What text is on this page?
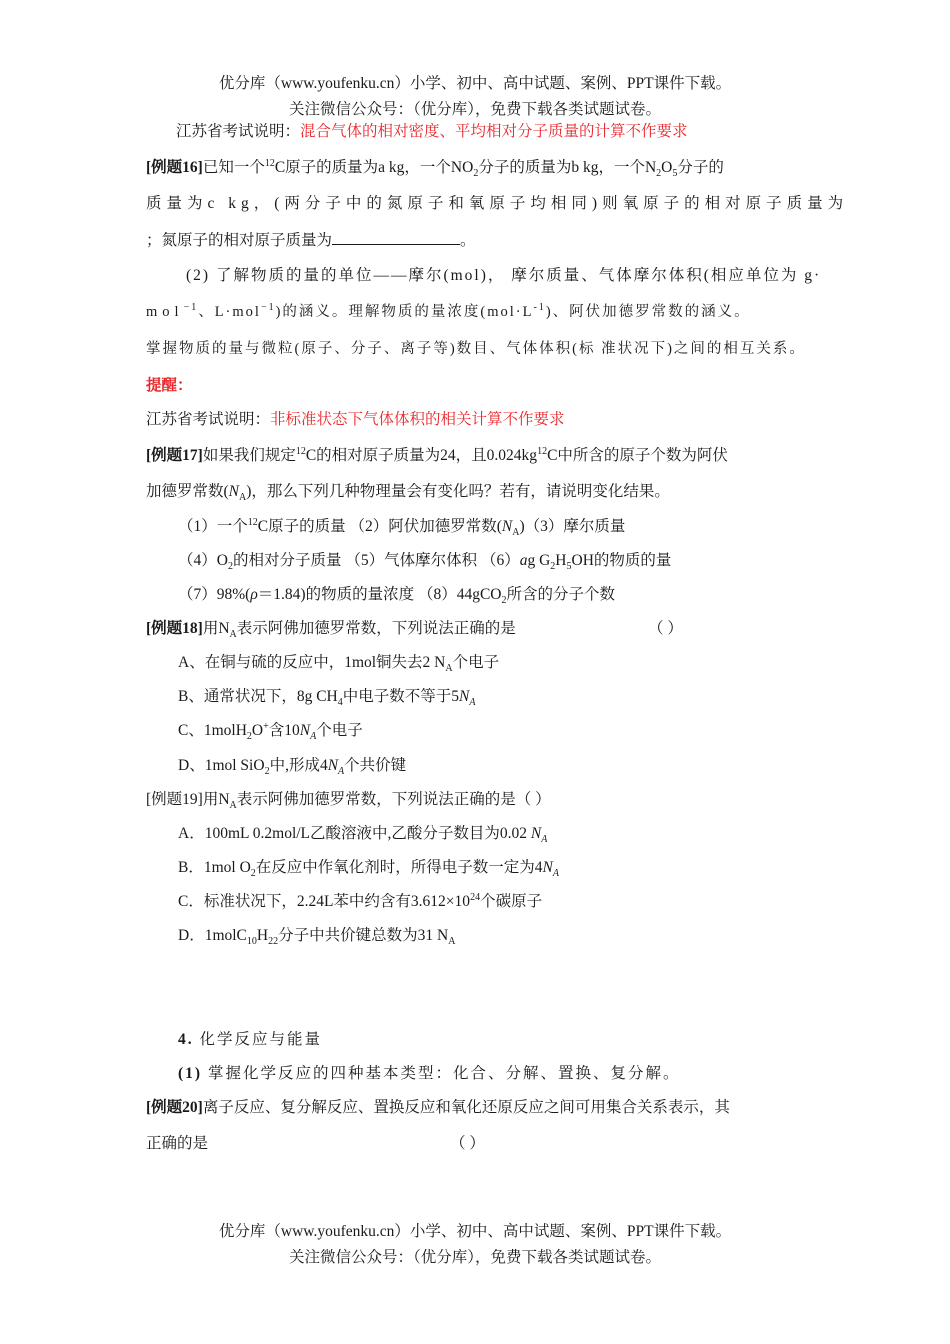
优分库（www.youfenku.cn）小学、初中、高中试题、案例、PPT课件下载。
关注微信公众号：（优分库），免费下载各类试题试卷。
江苏省考试说明：混合气体的相对密度、平均相对分子质量的计算不作要求
[例题16]已知一个$^{12}$C原子的质量为a kg，一个$NO_2$分子的质量为b kg，一个$N_2O_5$分子的
质量为c kg，(两分子中的氮原子和氧原子均相同)则氧原子的相对原子质量为
；氮原子的相对原子质量为	。
(2) 了解物质的量的单位——摩尔(mol)， 摩尔质量、气体摩尔体积(相应单位为 g·
mol$^{-1}$、L·mol$^{-1}$)的涵义。理解物质的量浓度$(mol\cdot L^{-1})$、阿伏加德罗常数的涵义。
掌握物质的量与微粒(原子、分子、离子等)数目、气体体积(标 准状况下)之间的相互关系。
提醒：
江苏省考试说明：非标准状态下气体体积的相关计算不作要求
[例题17]如果我们规定$^{12}$C的相对原子质量为24，且$0.024kg^{12}C$中所含的原子个数为阿伏
加德罗常数$(N_A)$，那么下列几种物理量会有变化吗？若有，请说明变化结果。
（1）一个$^{12}$C原子的质量 （2）阿伏加德罗常数$(N_A)(3)$摩尔质量
$(4)O_2$的相对分子质量 （5）气体摩尔体积 （6）ag $G_2H_5OH$的物质的量
（7）98%(ρ＝1.84)的物质的量浓度 （8）44gCO$_2$所含的分子个数
[例题18]用$N_A$表示阿佛加德罗常数，下列说法正确的是	（ ）
A、在铜与硫的反应中，1mol铜失去2 $N_A$个电子
B、通常状况下，8g $CH_4$中电子数不等于$5N_A$
C、1molH$_2$O+含$10N_A$个电子
D、1mol SiO$_2$中,形成$4N_A$个共价键
[例题19]用$N_A$表示阿佛加德罗常数，下列说法正确的是（ ）
A．100mL 0.2mol/L乙酸溶液中,乙酸分子数目为0.02 $N_A$
B．1mol $O_2$在反应中作氧化剂时，所得电子数一定为$4N_A$
C．标准状况下，2.24L苯中约含有$3.612\times 10^{24}$个碳原子
D．$1molC_{10}H_{22}$分子中共价键总数为31 $N_A$
4. 化学反应与能量
(1) 掌握化学反应的四种基本类型：化合、分解、置换、复分解。
[例题20]离子反应、复分解反应、置换反应和氧化还原反应之间可用集合关系表示，其
正确的是	（ ）
优分库（www.youfenku.cn）小学、初中、高中试题、案例、PPT课件下载。
关注微信公众号：（优分库），免费下载各类试题试卷。
